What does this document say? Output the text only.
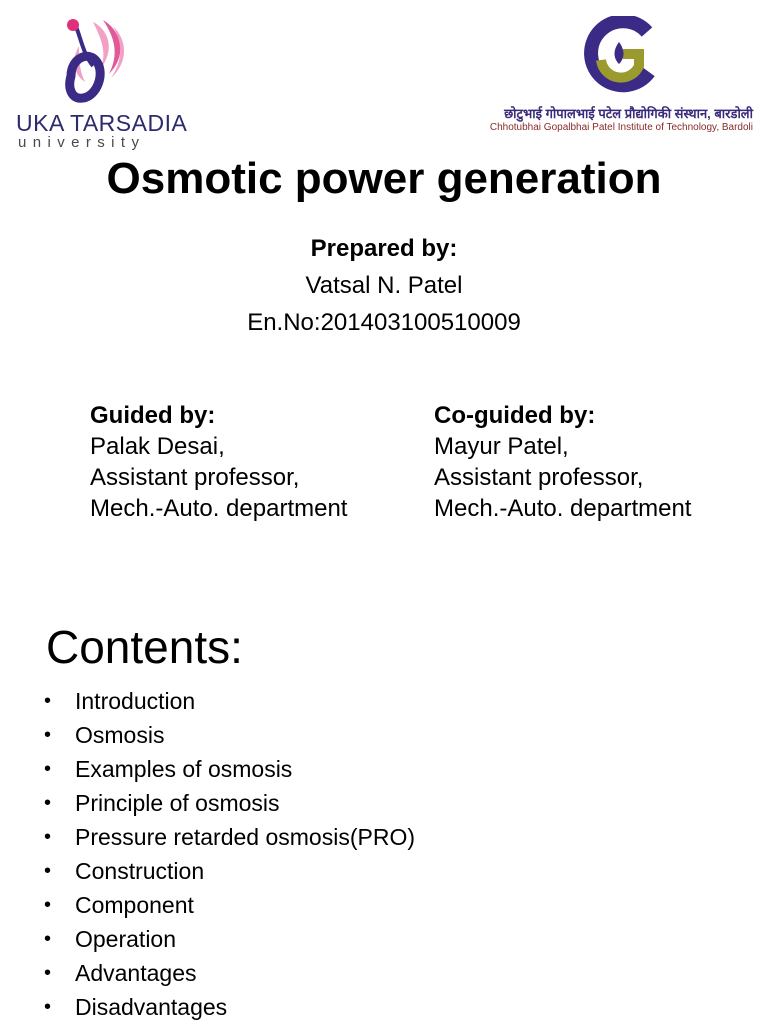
UKA TARSADIA
university
छोटुभाई गोपालभाई पटेल प्रौद्योगिकी संस्थान, बारडोली
Chhotubhai Gopalbhai Patel Institute of Technology, Bardoli
Osmotic power generation
Prepared by:
Vatsal N. Patel
En.No:201403100510009
Guided by:
Palak Desai,
Assistant professor,
Mech.-Auto. department
Co-guided by:
Mayur Patel,
Assistant professor,
Mech.-Auto. department
Contents:
• Introduction
• Osmosis
• Examples of osmosis
• Principle of osmosis
• Pressure retarded osmosis(PRO)
• Construction
• Component
• Operation
• Advantages
• Disadvantages
